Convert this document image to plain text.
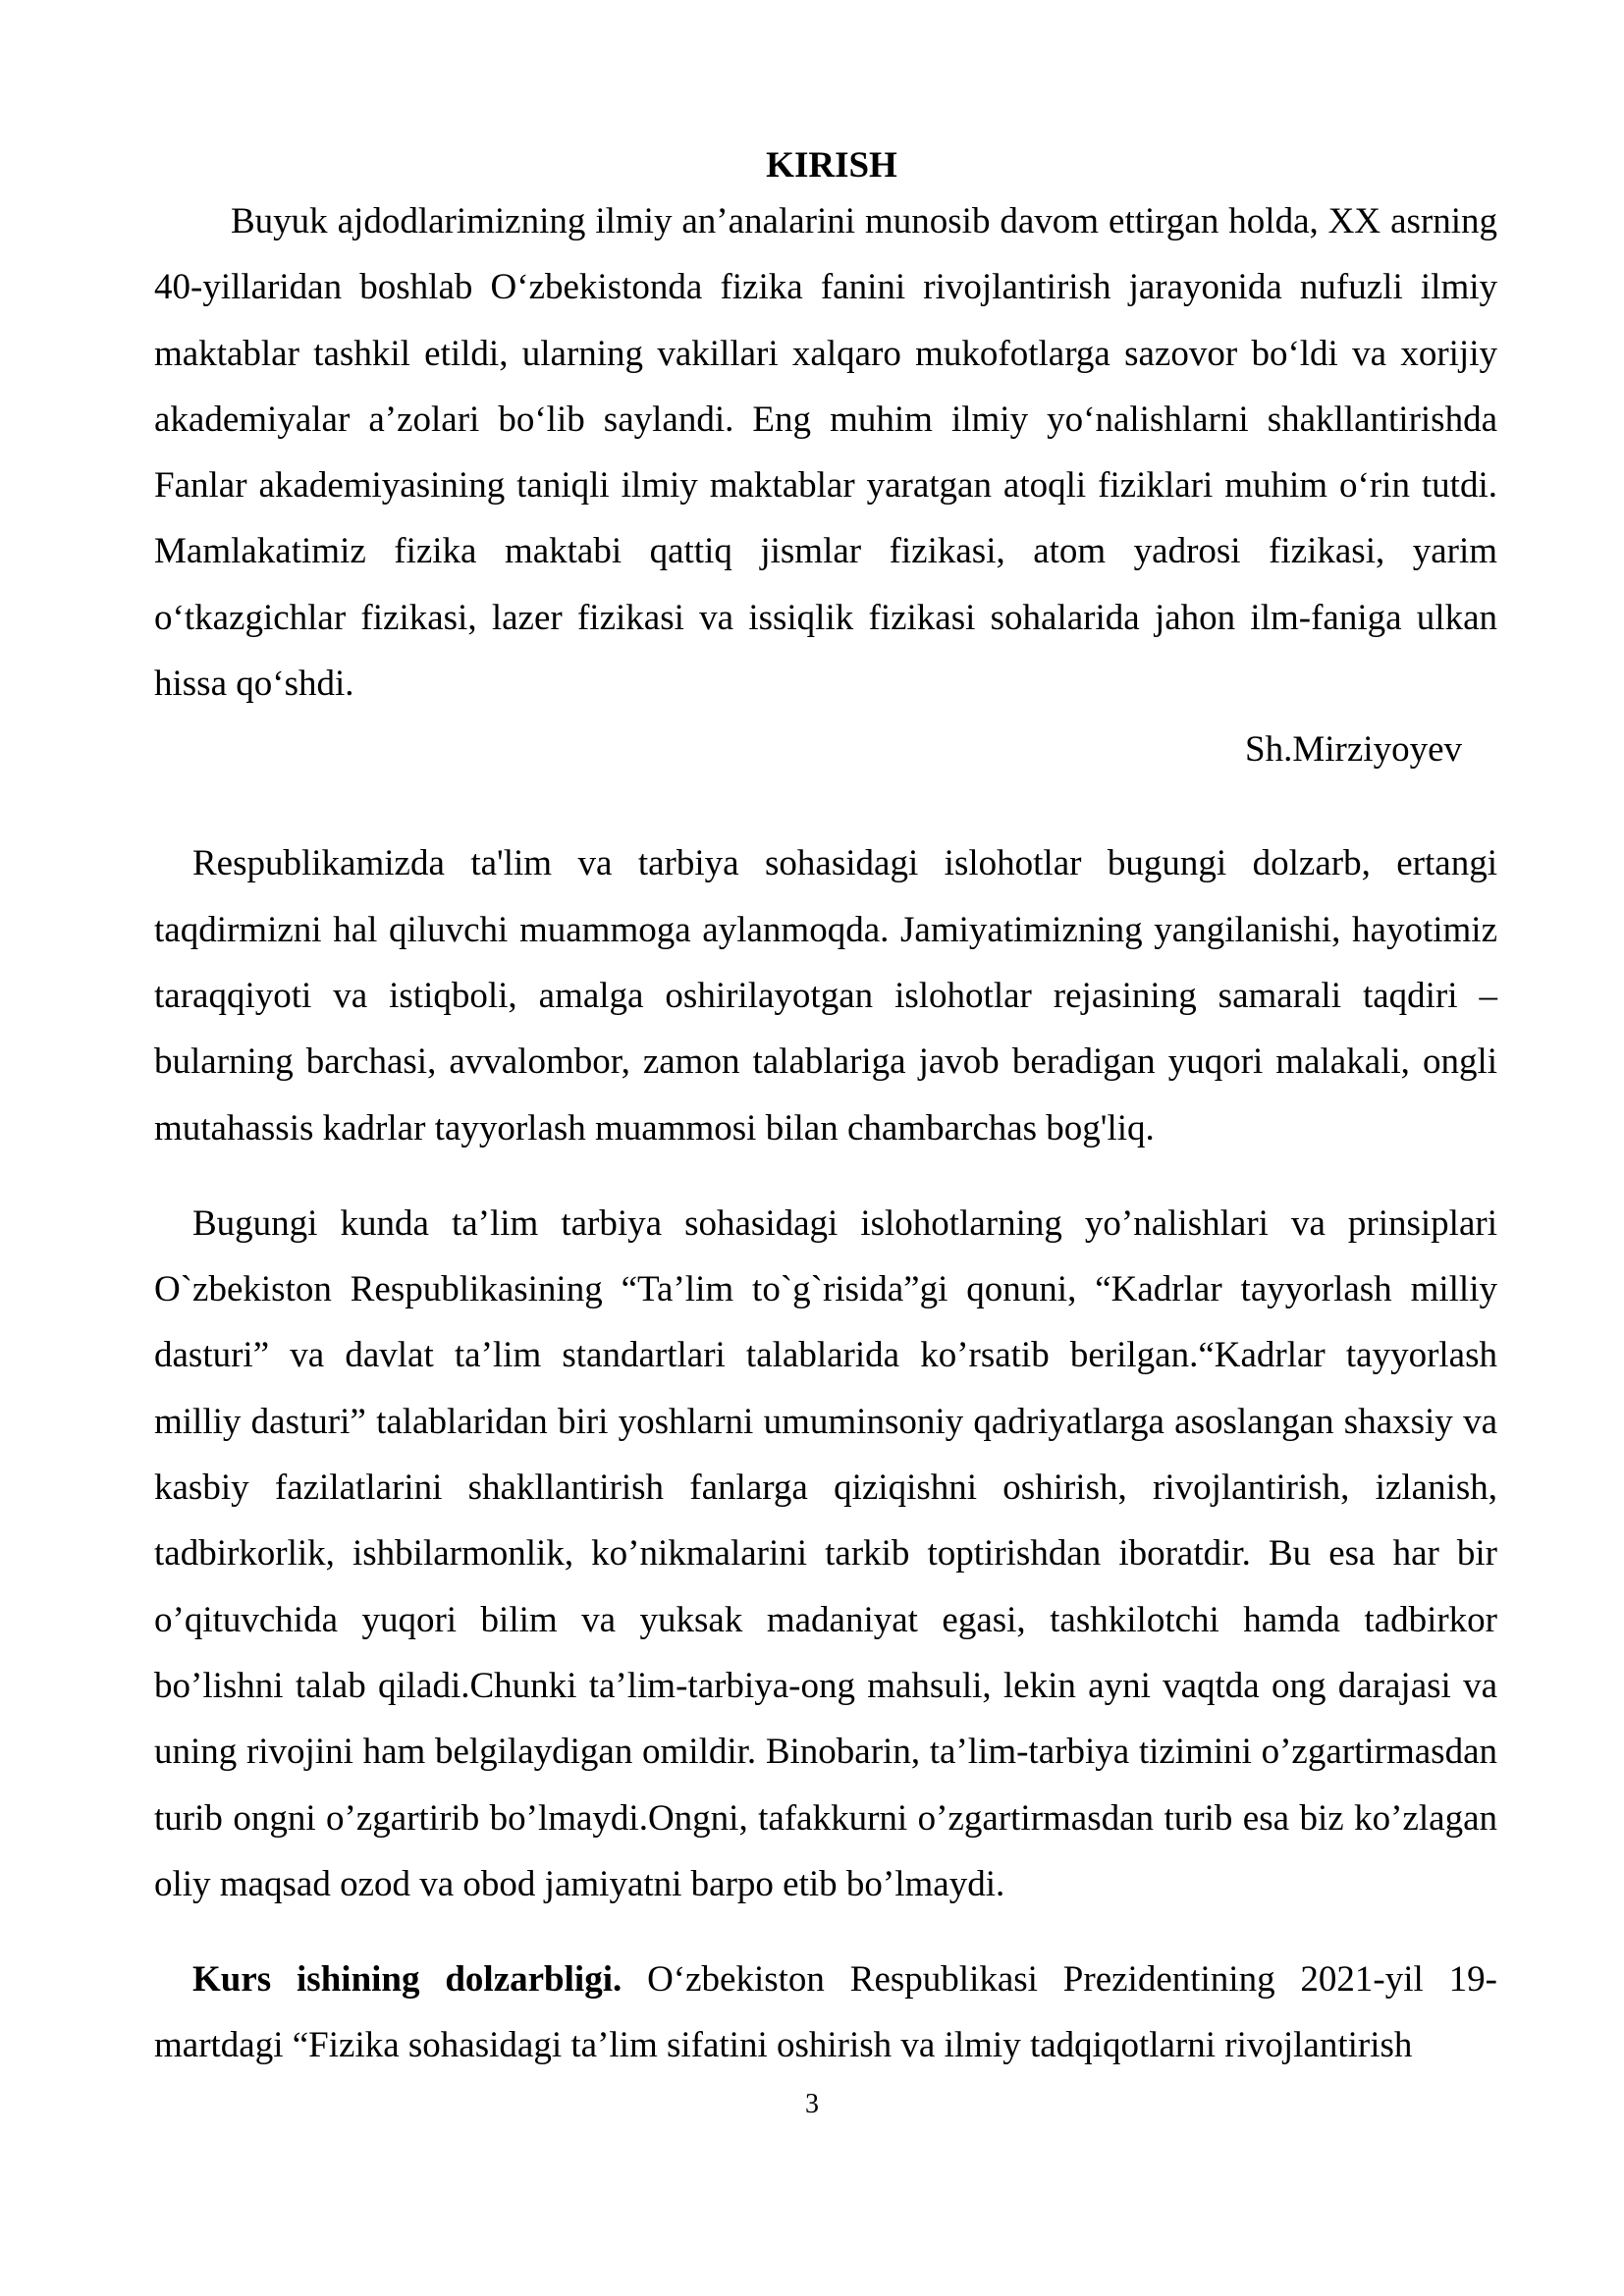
KIRISH

Buyuk ajdodlarimizning ilmiy an’analarini munosib davom ettirgan holda, XX asrning 40-yillaridan boshlab O‘zbekistonda fizika fanini rivojlantirish jarayonida nufuzli ilmiy maktablar tashkil etildi, ularning vakillari xalqaro mukofotlarga sazovor bo‘ldi va xorijiy akademiyalar a’zolari bo‘lib saylandi. Eng muhim ilmiy yo‘nalishlarni shakllantirishda Fanlar akademiyasining taniqli ilmiy maktablar yaratgan atoqli fiziklari muhim o‘rin tutdi. Mamlakatimiz fizika maktabi qattiq jismlar fizikasi, atom yadrosi fizikasi, yarim o‘tkazgichlar fizikasi, lazer fizikasi va issiqlik fizikasi sohalarida jahon ilm-faniga ulkan hissa qo‘shdi.

Sh.Mirziyoyev

Respublikamizda ta'lim va tarbiya sohasidagi islohotlar bugungi dolzarb, ertangi taqdirmizni hal qiluvchi muammoga aylanmoqda. Jamiyatimizning yangilanishi, hayotimiz taraqqiyoti va istiqboli, amalga oshirilayotgan islohotlar rejasining samarali taqdiri – bularning barchasi, avvalombor, zamon talablariga javob beradigan yuqori malakali, ongli mutahassis kadrlar tayyorlash muammosi bilan chambarchas bog'liq.

Bugungi kunda ta’lim tarbiya sohasidagi islohotlarning yo’nalishlari va prinsiplari O`zbekiston Respublikasining “Ta’lim to`g`risida”gi qonuni, “Kadrlar tayyorlash milliy dasturi” va davlat ta’lim standartlari talablarida ko’rsatib berilgan.“Kadrlar tayyorlash milliy dasturi” talablaridan biri yoshlarni umuminsoniy qadriyatlarga asoslangan shaxsiy va kasbiy fazilatlarini shakllantirish fanlarga qiziqishni oshirish, rivojlantirish, izlanish, tadbirkorlik, ishbilarmonlik, ko’nikmalarini tarkib toptirishdan iboratdir. Bu esa har bir o’qituvchida yuqori bilim va yuksak madaniyat egasi, tashkilotchi hamda tadbirkor bo’lishni talab qiladi.Chunki ta’lim-tarbiya-ong mahsuli, lekin ayni vaqtda ong darajasi va uning rivojini ham belgilaydigan omildir. Binobarin, ta’lim-tarbiya tizimini o’zgartirmasdan turib ongni o’zgartirib bo’lmaydi.Ongni, tafakkurni o’zgartirmasdan turib esa biz ko’zlagan oliy maqsad ozod va obod jamiyatni barpo etib bo’lmaydi.

Kurs ishining dolzarbligi. O‘zbekiston Respublikasi Prezidentining 2021-yil 19-martdagi “Fizika sohasidagi ta’lim sifatini oshirish va ilmiy tadqiqotlarni rivojlantirish

3
